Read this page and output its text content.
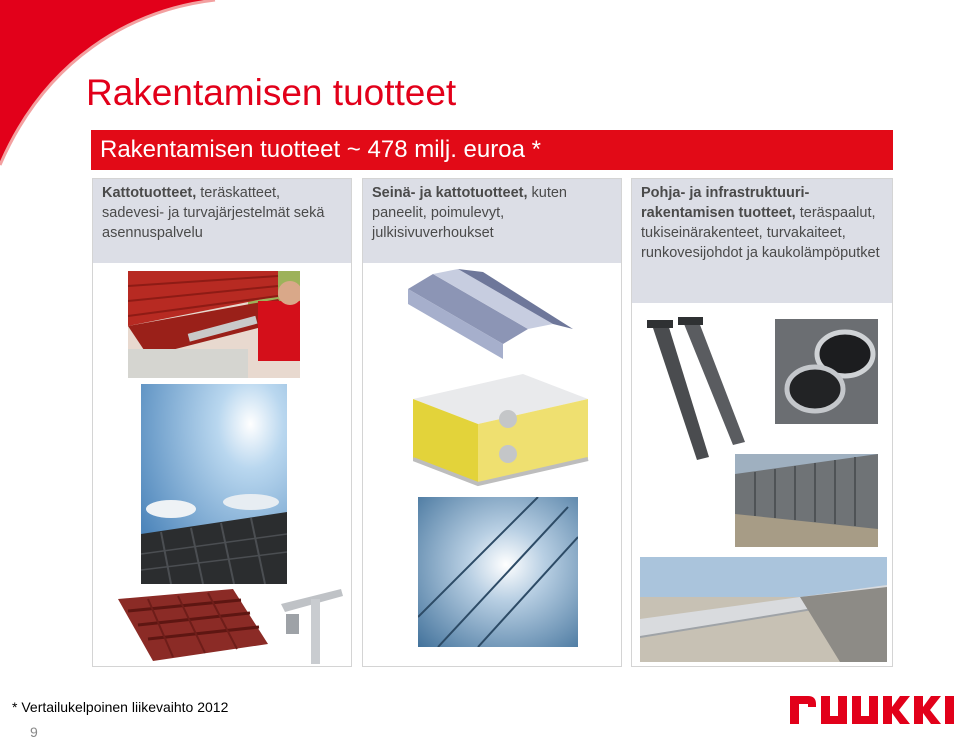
Rakentamisen tuotteet
Rakentamisen tuotteet ~ 478 milj. euroa *
Kattotuotteet, teräskatteet, sadevesi- ja turvajärjestelmät sekä asennuspalvelu
Seinä- ja kattotuotteet, kuten paneelit, poimulevyt, julkisivuverhoukset
Pohja- ja infrastruktuuri-rakentamisen tuotteet, teräspaalut, tukiseinärakenteet, turvakaiteet, runkovesijohdot ja kaukolämpöputket
* Vertailukelpoinen liikevaihto 2012
9
